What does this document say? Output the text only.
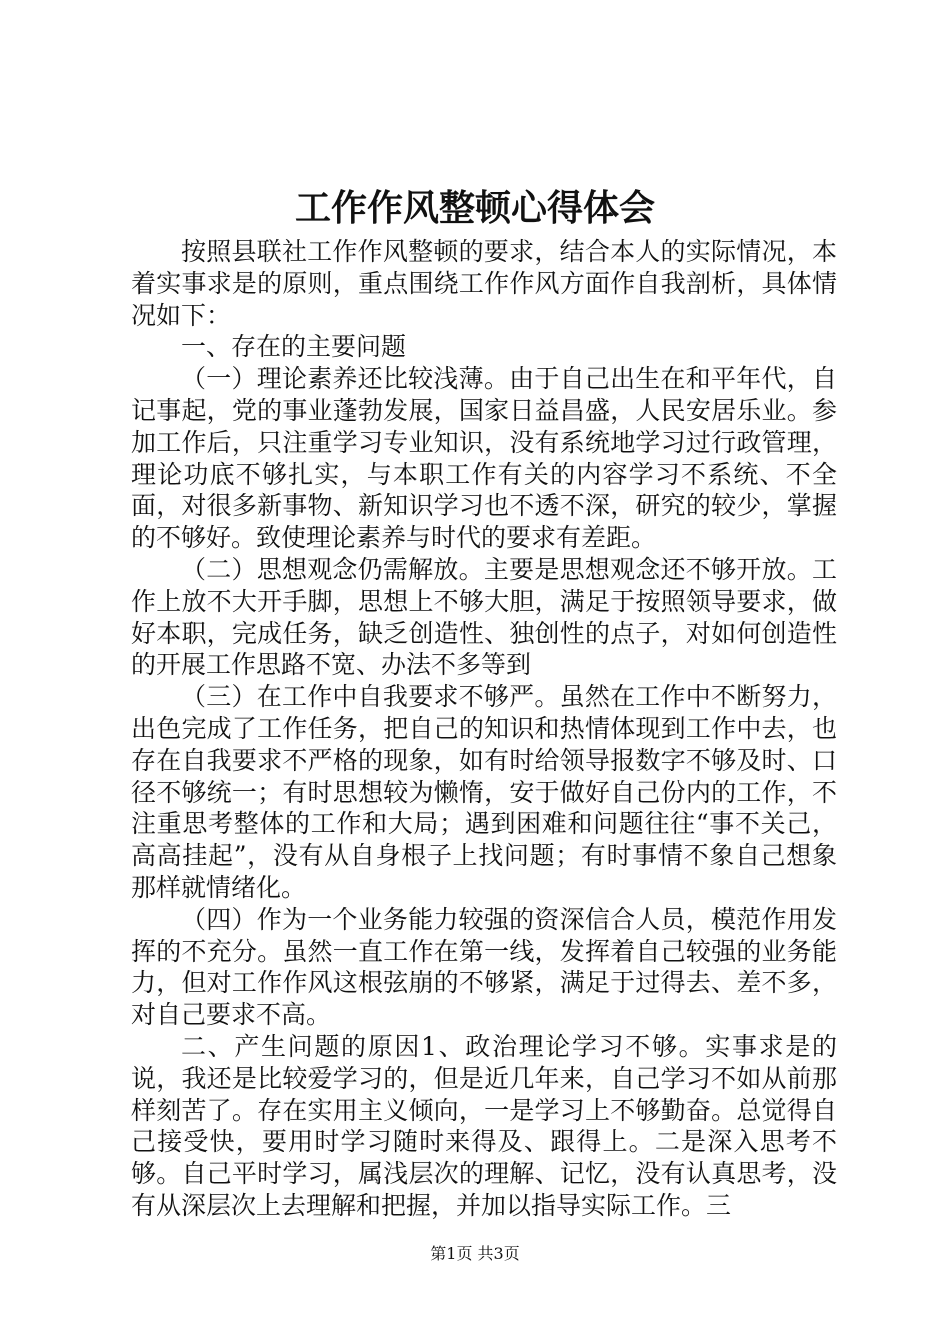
工作作风整顿心得体会

按照县联社工作作风整顿的要求，结合本人的实际情况，本着实事求是的原则，重点围绕工作作风方面作自我剖析，具体情况如下：

一、存在的主要问题

（一）理论素养还比较浅薄。由于自己出生在和平年代，自记事起，党的事业蓬勃发展，国家日益昌盛，人民安居乐业。参加工作后，只注重学习专业知识，没有系统地学习过行政管理，理论功底不够扎实，与本职工作有关的内容学习不系统、不全面，对很多新事物、新知识学习也不透不深，研究的较少，掌握的不够好。致使理论素养与时代的要求有差距。

（二）思想观念仍需解放。主要是思想观念还不够开放。工作上放不大开手脚，思想上不够大胆，满足于按照领导要求，做好本职，完成任务，缺乏创造性、独创性的点子，对如何创造性的开展工作思路不宽、办法不多等到

（三）在工作中自我要求不够严。虽然在工作中不断努力，出色完成了工作任务，把自己的知识和热情体现到工作中去，也存在自我要求不严格的现象，如有时给领导报数字不够及时、口径不够统一；有时思想较为懒惰，安于做好自己份内的工作，不注重思考整体的工作和大局；遇到困难和问题往往“事不关己，高高挂起”，没有从自身根子上找问题；有时事情不象自己想象那样就情绪化。

（四）作为一个业务能力较强的资深信合人员，模范作用发挥的不充分。虽然一直工作在第一线，发挥着自己较强的业务能力，但对工作作风这根弦崩的不够紧，满足于过得去、差不多，对自己要求不高。

二、产生问题的原因1、政治理论学习不够。实事求是的说，我还是比较爱学习的，但是近几年来，自己学习不如从前那样刻苦了。存在实用主义倾向，一是学习上不够勤奋。总觉得自己接受快，要用时学习随时来得及、跟得上。二是深入思考不够。自己平时学习，属浅层次的理解、记忆，没有认真思考，没有从深层次上去理解和把握，并加以指导实际工作。三

第1页 共3页
